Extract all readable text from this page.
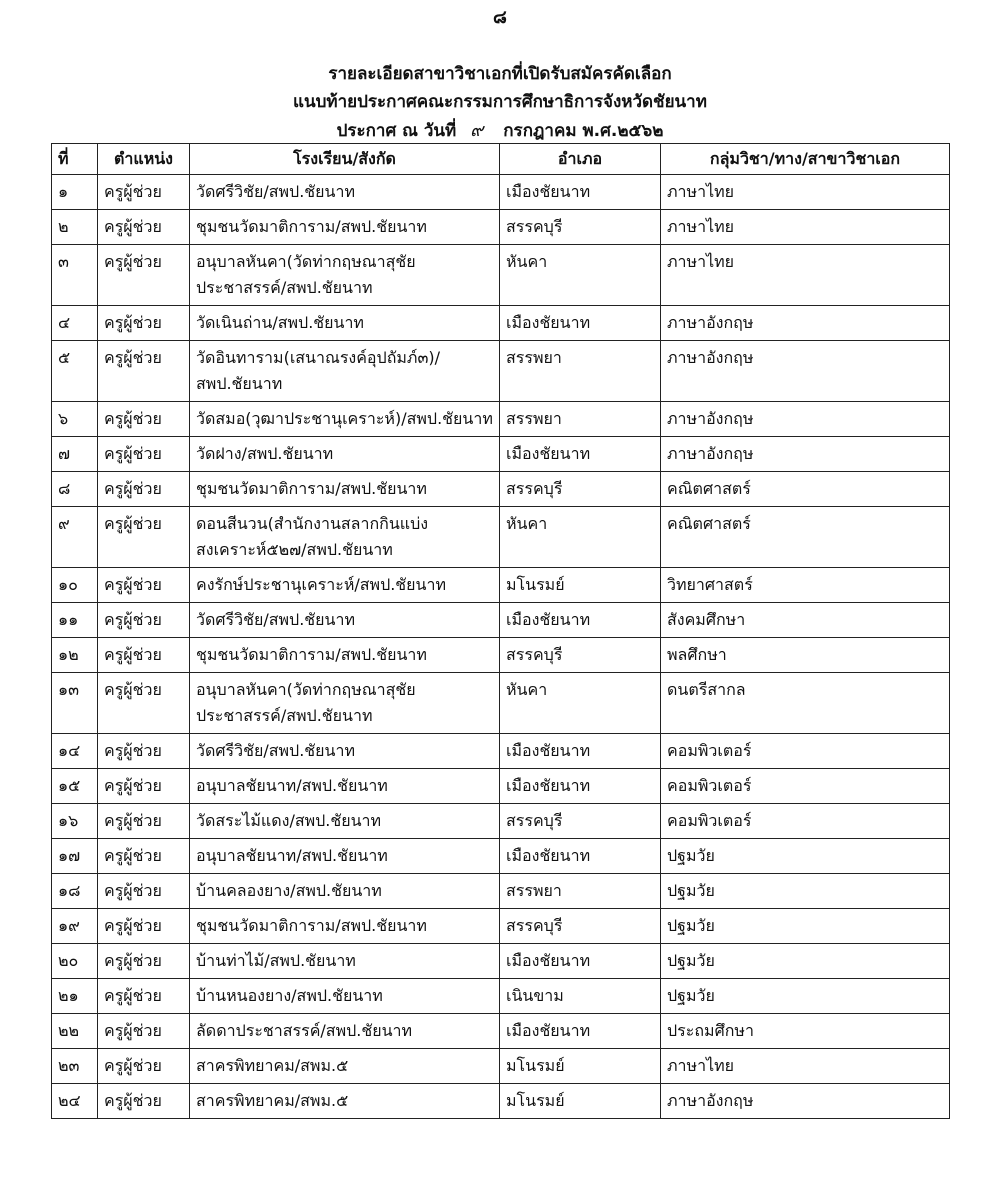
๘
รายละเอียดสาขาวิชาเอกที่เปิดรับสมัครคัดเลือก
แนบท้ายประกาศคณะกรรมการศึกษาธิการจังหวัดชัยนาท
ประกาศ ณ วันที่ ๙ กรกฎาคม พ.ศ.๒๕๖๒
ที่	ตำแหน่ง	โรงเรียน/สังกัด	อำเภอ	กลุ่มวิชา/ทาง/สาขาวิชาเอก
๑	ครูผู้ช่วย	วัดศรีวิชัย/สพป.ชัยนาท	เมืองชัยนาท	ภาษาไทย
๒	ครูผู้ช่วย	ชุมชนวัดมาติการาม/สพป.ชัยนาท	สรรคบุรี	ภาษาไทย
๓	ครูผู้ช่วย	อนุบาลหันคา(วัดท่ากฤษณาสุชัยประชาสรรค์/สพป.ชัยนาท	หันคา	ภาษาไทย
๔	ครูผู้ช่วย	วัดเนินถ่าน/สพป.ชัยนาท	เมืองชัยนาท	ภาษาอังกฤษ
๕	ครูผู้ช่วย	วัดอินทาราม(เสนาณรงค์อุปถัมภ์๓)/สพป.ชัยนาท	สรรพยา	ภาษาอังกฤษ
๖	ครูผู้ช่วย	วัดสมอ(วุฒาประชานุเคราะห์)/สพป.ชัยนาท	สรรพยา	ภาษาอังกฤษ
๗	ครูผู้ช่วย	วัดฝาง/สพป.ชัยนาท	เมืองชัยนาท	ภาษาอังกฤษ
๘	ครูผู้ช่วย	ชุมชนวัดมาติการาม/สพป.ชัยนาท	สรรคบุรี	คณิตศาสตร์
๙	ครูผู้ช่วย	ดอนสีนวน(สำนักงานสลากกินแบ่งสงเคราะห์๕๒๗/สพป.ชัยนาท	หันคา	คณิตศาสตร์
๑๐	ครูผู้ช่วย	คงรักษ์ประชานุเคราะห์/สพป.ชัยนาท	มโนรมย์	วิทยาศาสตร์
๑๑	ครูผู้ช่วย	วัดศรีวิชัย/สพป.ชัยนาท	เมืองชัยนาท	สังคมศึกษา
๑๒	ครูผู้ช่วย	ชุมชนวัดมาติการาม/สพป.ชัยนาท	สรรคบุรี	พลศึกษา
๑๓	ครูผู้ช่วย	อนุบาลหันคา(วัดท่ากฤษณาสุชัยประชาสรรค์/สพป.ชัยนาท	หันคา	ดนตรีสากล
๑๔	ครูผู้ช่วย	วัดศรีวิชัย/สพป.ชัยนาท	เมืองชัยนาท	คอมพิวเตอร์
๑๕	ครูผู้ช่วย	อนุบาลชัยนาท/สพป.ชัยนาท	เมืองชัยนาท	คอมพิวเตอร์
๑๖	ครูผู้ช่วย	วัดสระไม้แดง/สพป.ชัยนาท	สรรคบุรี	คอมพิวเตอร์
๑๗	ครูผู้ช่วย	อนุบาลชัยนาท/สพป.ชัยนาท	เมืองชัยนาท	ปฐมวัย
๑๘	ครูผู้ช่วย	บ้านคลองยาง/สพป.ชัยนาท	สรรพยา	ปฐมวัย
๑๙	ครูผู้ช่วย	ชุมชนวัดมาติการาม/สพป.ชัยนาท	สรรคบุรี	ปฐมวัย
๒๐	ครูผู้ช่วย	บ้านท่าไม้/สพป.ชัยนาท	เมืองชัยนาท	ปฐมวัย
๒๑	ครูผู้ช่วย	บ้านหนองยาง/สพป.ชัยนาท	เนินขาม	ปฐมวัย
๒๒	ครูผู้ช่วย	ลัดดาประชาสรรค์/สพป.ชัยนาท	เมืองชัยนาท	ประถมศึกษา
๒๓	ครูผู้ช่วย	สาครพิทยาคม/สพม.๕	มโนรมย์	ภาษาไทย
๒๔	ครูผู้ช่วย	สาครพิทยาคม/สพม.๕	มโนรมย์	ภาษาอังกฤษ
